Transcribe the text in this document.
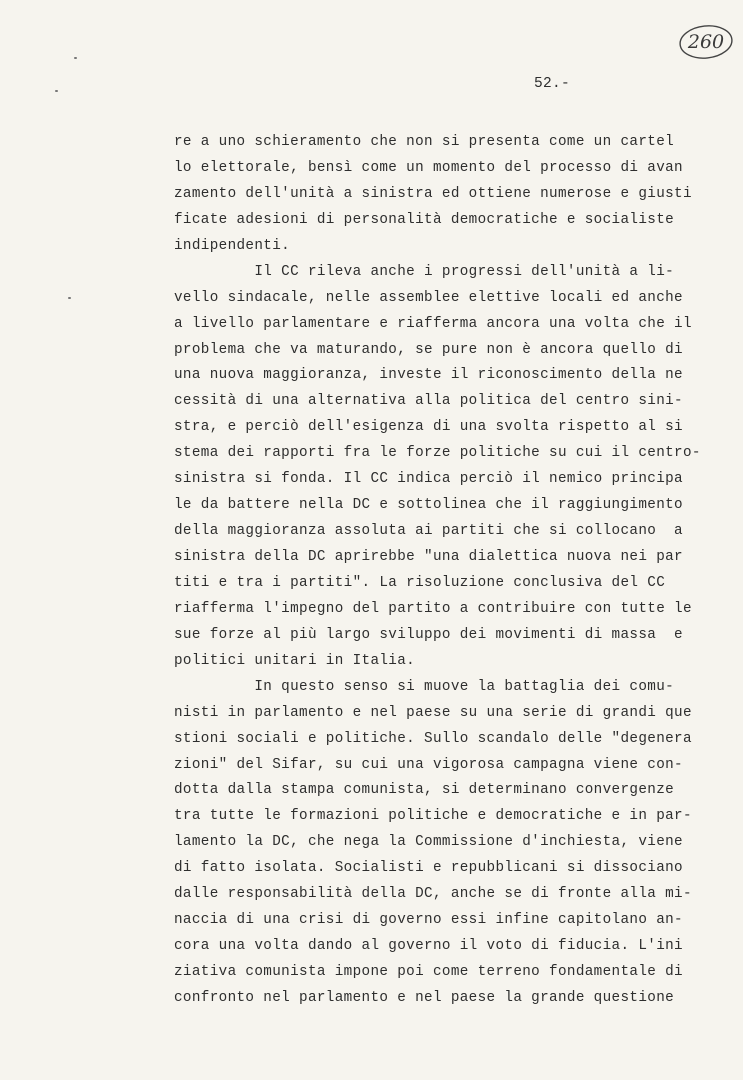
260
52.-
re a uno schieramento che non si presenta come un cartel
lo elettorale, bensì come un momento del processo di avan
zamento dell'unità a sinistra ed ottiene numerose e giusti
ficate adesioni di personalità democratiche e socialiste
indipendenti.
Il CC rileva anche i progressi dell'unità a li-
vello sindacale, nelle assemblee elettive locali ed anche
a livello parlamentare e riafferma ancora una volta che il
problema che va maturando, se pure non è ancora quello di
una nuova maggioranza, investe il riconoscimento della ne
cessità di una alternativa alla politica del centro sini-
stra, e perciò dell'esigenza di una svolta rispetto al si
stema dei rapporti fra le forze politiche su cui il centro-
sinistra si fonda. Il CC indica perciò il nemico principa
le da battere nella DC e sottolinea che il raggiungimento
della maggioranza assoluta ai partiti che si collocano  a
sinistra della DC aprirebbe "una dialettica nuova nei par
titi e tra i partiti". La risoluzione conclusiva del CC
riafferma l'impegno del partito a contribuire con tutte le
sue forze al più largo sviluppo dei movimenti di massa  e
politici unitari in Italia.
In questo senso si muove la battaglia dei comu-
nisti in parlamento e nel paese su una serie di grandi que
stioni sociali e politiche. Sullo scandalo delle "degenera
zioni" del Sifar, su cui una vigorosa campagna viene con-
dotta dalla stampa comunista, si determinano convergenze
tra tutte le formazioni politiche e democratiche e in par-
lamento la DC, che nega la Commissione d'inchiesta, viene
di fatto isolata. Socialisti e repubblicani si dissociano
dalle responsabilità della DC, anche se di fronte alla mi-
naccia di una crisi di governo essi infine capitolano an-
cora una volta dando al governo il voto di fiducia. L'ini
ziativa comunista impone poi come terreno fondamentale di
confronto nel parlamento e nel paese la grande questione
